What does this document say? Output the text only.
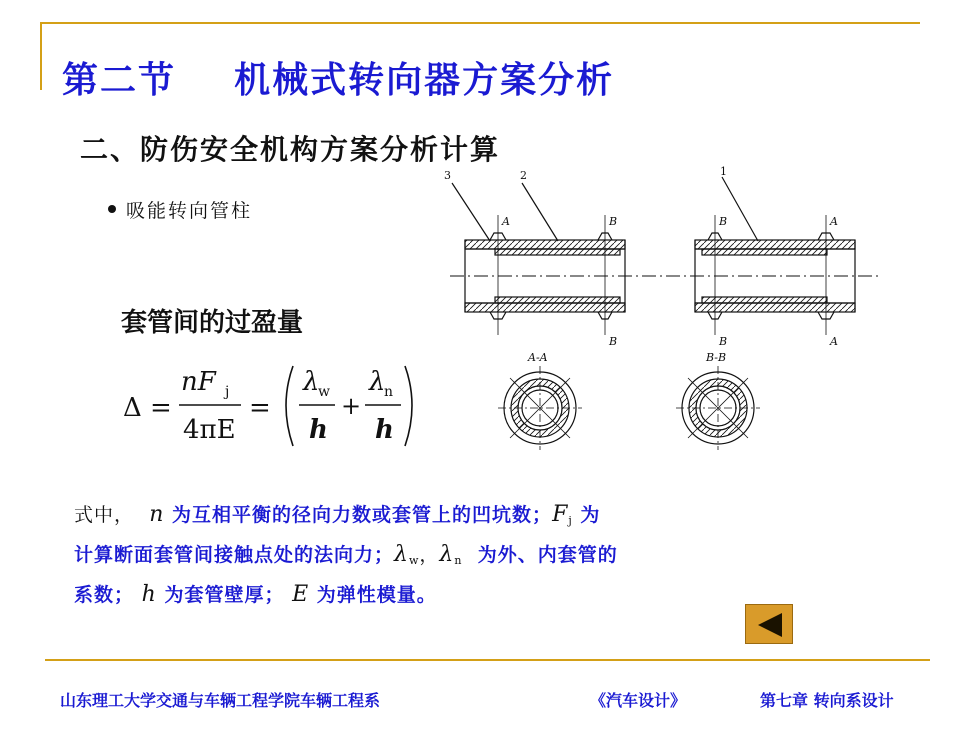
第二节    机械式转向器方案分析
二、防伤安全机构方案分析计算
吸能转向管柱
套管间的过盈量
Δ =
nF j
4πE
=
λ
w
h
+
λ
n
h
3	2	1
A	B	B	A
B	B	A
A-A	B-B
式中， n 为互相平衡的径向力数或套管上的凹坑数；$F_j$ 为
计算断面套管间接触点处的法向力；$\lambda_w$，$\lambda_n$ 为外、内套管的
系数； h 为套管壁厚； E 为弹性模量。
山东理工大学交通与车辆工程学院车辆工程系	《汽车设计》	第七章 转向系设计
